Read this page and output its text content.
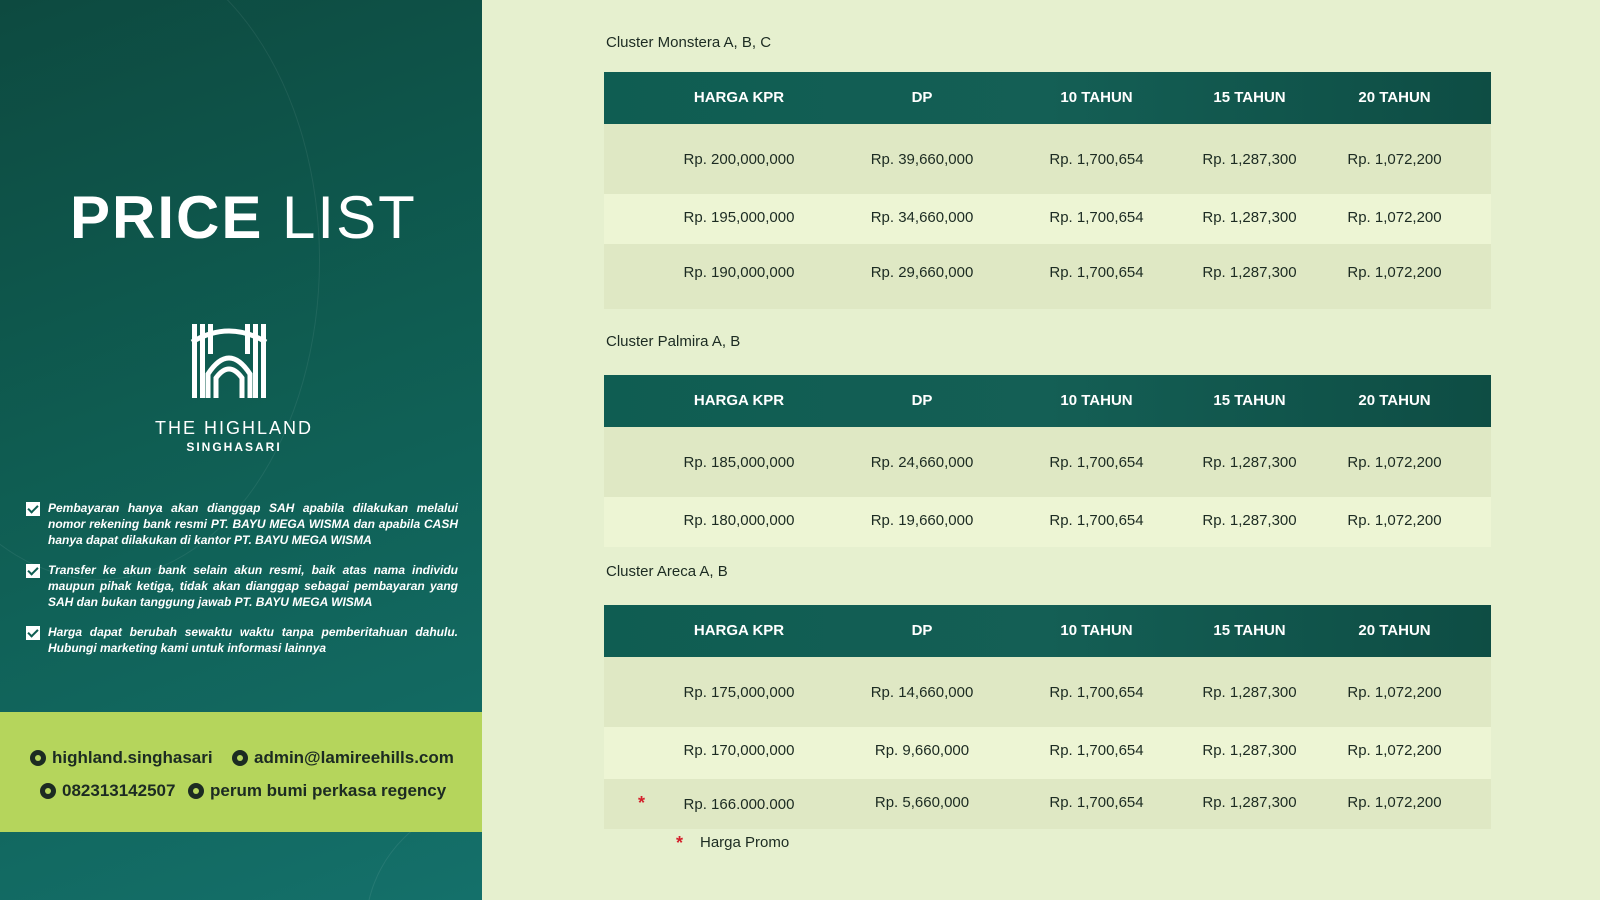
PRICE LIST
THE HIGHLAND
SINGHASARI
Pembayaran hanya akan dianggap SAH apabila dilakukan melalui nomor rekening bank resmi PT. BAYU MEGA WISMA dan apabila CASH hanya dapat dilakukan di kantor PT. BAYU MEGA WISMA
Transfer ke akun bank selain akun resmi, baik atas nama individu maupun pihak ketiga, tidak akan dianggap sebagai pembayaran yang SAH dan bukan tanggung jawab PT. BAYU MEGA WISMA
Harga dapat berubah sewaktu waktu tanpa pemberitahuan dahulu. Hubungi marketing kami untuk informasi lainnya
highland.singhasari admin@lamireehills.com
082313142507 perum bumi perkasa regency
Cluster Monstera A, B, C
HARGA KPR	DP	10 TAHUN	15 TAHUN	20 TAHUN
Rp. 200,000,000	Rp. 39,660,000	Rp. 1,700,654	Rp. 1,287,300	Rp. 1,072,200
Rp. 195,000,000	Rp. 34,660,000	Rp. 1,700,654	Rp. 1,287,300	Rp. 1,072,200
Rp. 190,000,000	Rp. 29,660,000	Rp. 1,700,654	Rp. 1,287,300	Rp. 1,072,200
Cluster Palmira A, B
HARGA KPR	DP	10 TAHUN	15 TAHUN	20 TAHUN
Rp. 185,000,000	Rp. 24,660,000	Rp. 1,700,654	Rp. 1,287,300	Rp. 1,072,200
Rp. 180,000,000	Rp. 19,660,000	Rp. 1,700,654	Rp. 1,287,300	Rp. 1,072,200
Cluster Areca A, B
HARGA KPR	DP	10 TAHUN	15 TAHUN	20 TAHUN
Rp. 175,000,000	Rp. 14,660,000	Rp. 1,700,654	Rp. 1,287,300	Rp. 1,072,200
Rp. 170,000,000	Rp. 9,660,000	Rp. 1,700,654	Rp. 1,287,300	Rp. 1,072,200
*	Rp. 166.000.000	Rp. 5,660,000	Rp. 1,700,654	Rp. 1,287,300	Rp. 1,072,200
* Harga Promo
